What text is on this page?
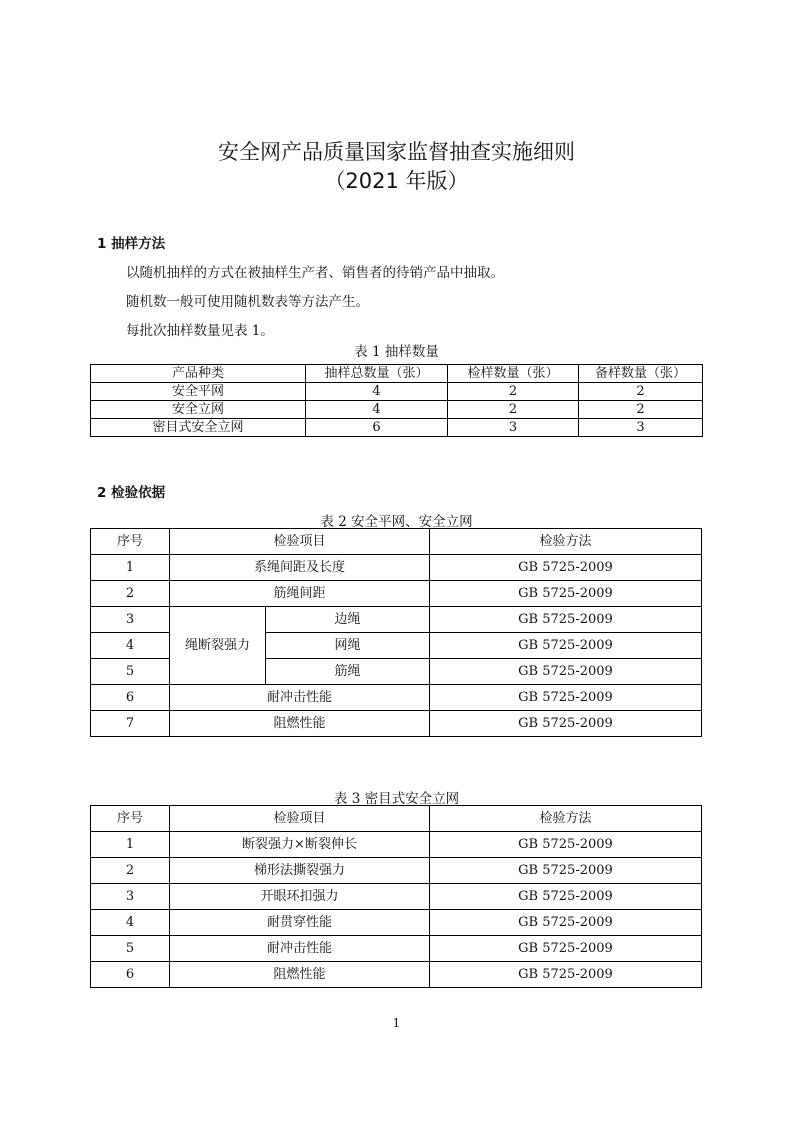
安全网产品质量国家监督抽查实施细则
（2021 年版）
1 抽样方法
以随机抽样的方式在被抽样生产者、销售者的待销产品中抽取。
随机数一般可使用随机数表等方法产生。
每批次抽样数量见表 1。
表 1 抽样数量
产品种类	抽样总数量（张）	检样数量（张）	备样数量（张）
安全平网	4	2	2
安全立网	4	2	2
密目式安全立网	6	3	3
2 检验依据
表 2 安全平网、安全立网
序号	检验项目		检验方法
1	系绳间距及长度		GB 5725-2009
2	筋绳间距		GB 5725-2009
3	绳断裂强力	边绳	GB 5725-2009
4		网绳	GB 5725-2009
5		筋绳	GB 5725-2009
6	耐冲击性能		GB 5725-2009
7	阻燃性能		GB 5725-2009
表 3 密目式安全立网
序号	检验项目	检验方法
1	断裂强力×断裂伸长	GB 5725-2009
2	梯形法撕裂强力	GB 5725-2009
3	开眼环扣强力	GB 5725-2009
4	耐贯穿性能	GB 5725-2009
5	耐冲击性能	GB 5725-2009
6	阻燃性能	GB 5725-2009
1
